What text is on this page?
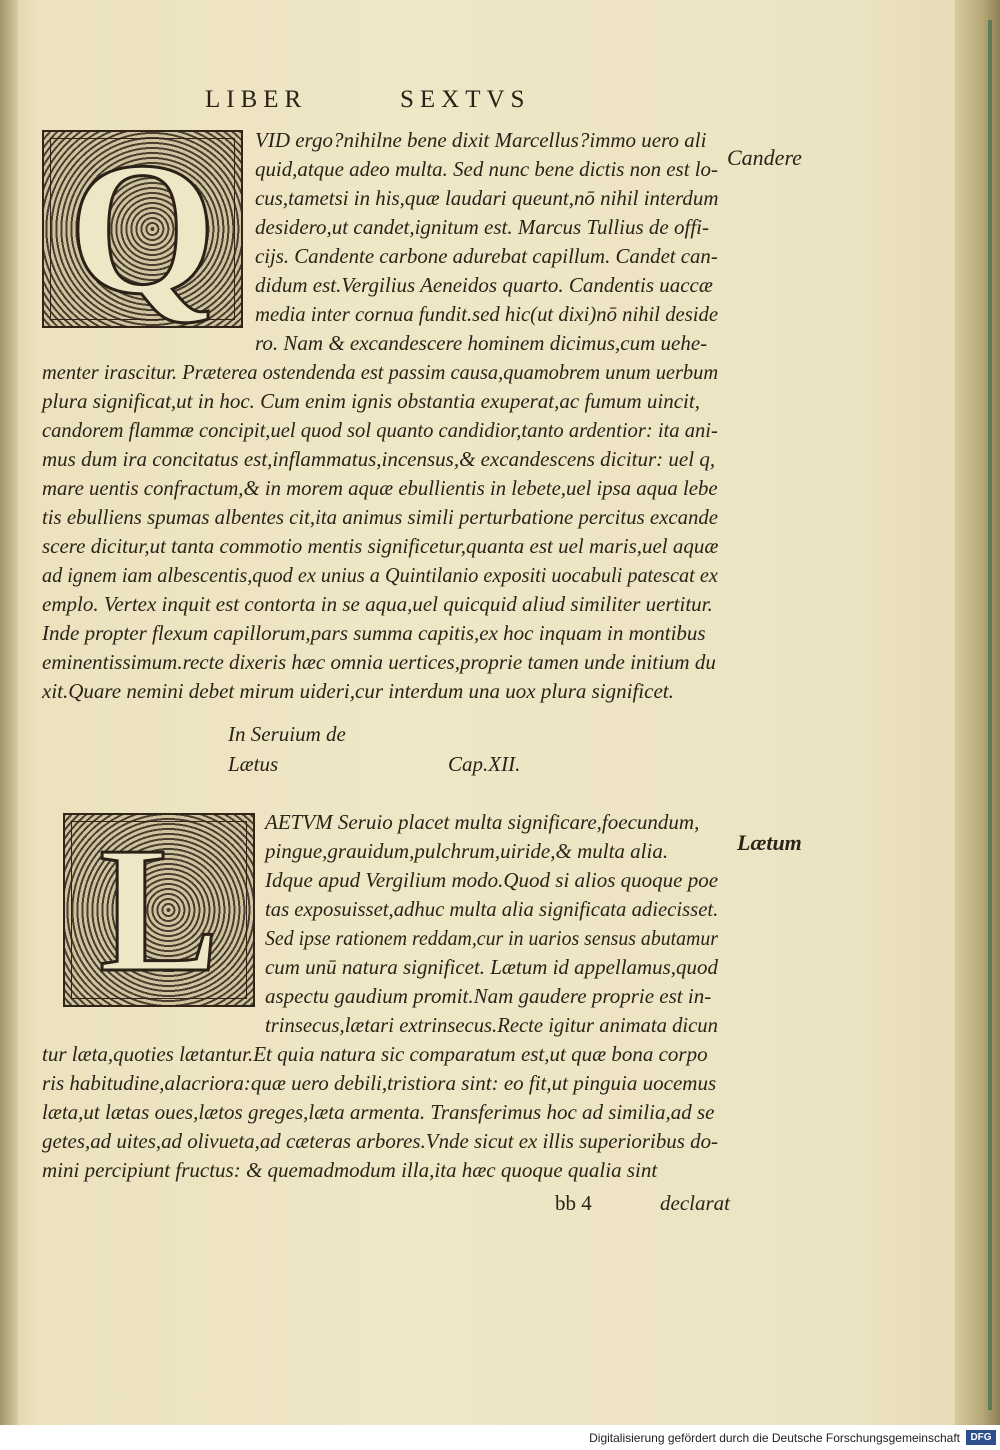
LIBER	SEXTVS
Q	Candere
VID ergo?nihilne bene dixit Marcellus?immo uero ali
quid,atque adeo multa. Sed nunc bene dictis non est lo-
cus,tametsi in his,quæ laudari queunt,nō nihil interdum
desidero,ut candet,ignitum est. Marcus Tullius de offi-
cijs. Candente carbone adurebat capillum. Candet can-
didum est.Vergilius Aeneidos quarto. Candentis uaccæ
media inter cornua fundit.sed hic(ut dixi)nō nihil deside
ro. Nam & excandescere hominem dicimus,cum uehe-
menter irascitur. Præterea ostendenda est passim causa,quamobrem unum uerbum
plura significat,ut in hoc. Cum enim ignis obstantia exuperat,ac fumum uincit,
candorem flammæ concipit,uel quod sol quanto candidior,tanto ardentior: ita ani-
mus dum ira concitatus est,inflammatus,incensus,& excandescens dicitur: uel q,
mare uentis confractum,& in morem aquæ ebullientis in lebete,uel ipsa aqua lebe
tis ebulliens spumas albentes cit,ita animus simili perturbatione percitus excande
scere dicitur,ut tanta commotio mentis significetur,quanta est uel maris,uel aquæ
ad ignem iam albescentis,quod ex unius a Quintilanio expositi uocabuli patescat ex
emplo. Vertex inquit est contorta in se aqua,uel quicquid aliud similiter uertitur.
Inde propter flexum capillorum,pars summa capitis,ex hoc inquam in montibus
eminentissimum.recte dixeris hæc omnia uertices,proprie tamen unde initium du
xit.Quare nemini debet mirum uideri,cur interdum una uox plura significet.
In Seruium de
Lætus	Cap.XII.
L	Lætum
AETVM Seruio placet multa significare,foecundum,
pingue,grauidum,pulchrum,uiride,& multa alia.
Idque apud Vergilium modo.Quod si alios quoque poe
tas exposuisset,adhuc multa alia significata adiecisset.
Sed ipse rationem reddam,cur in uarios sensus abutamur
cum unū natura significet. Lætum id appellamus,quod
aspectu gaudium promit.Nam gaudere proprie est in-
trinsecus,lætari extrinsecus.Recte igitur animata dicun
tur læta,quoties lætantur.Et quia natura sic comparatum est,ut quæ bona corpo
ris habitudine,alacriora:quæ uero debili,tristiora sint: eo fit,ut pinguia uocemus
læta,ut lætas oues,lætos greges,læta armenta. Transferimus hoc ad similia,ad se
getes,ad uites,ad olivueta,ad cæteras arbores.Vnde sicut ex illis superioribus do-
mini percipiunt fructus: & quemadmodum illa,ita hæc quoque qualia sint
bb 4	declarat
Digitalisierung gefördert durch die Deutsche Forschungsgemeinschaft	DFG
